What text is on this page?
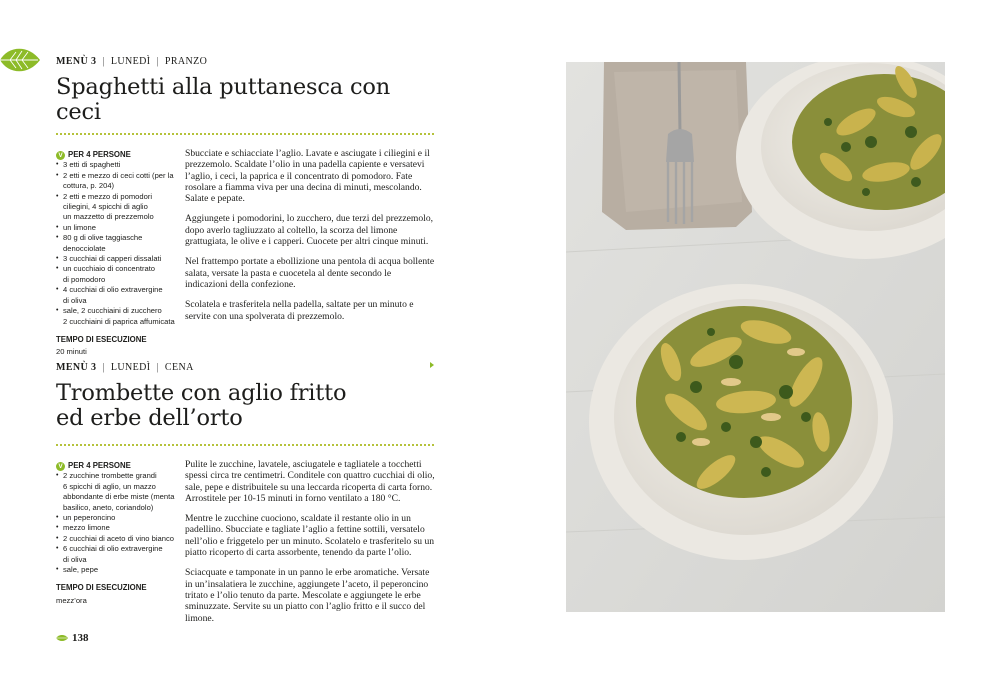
MENÙ 3 | LUNEDÌ | PRANZO
Spaghetti alla puttanesca con ceci
V PER 4 PERSONE
• 3 etti di spaghetti
• 2 etti e mezzo di ceci cotti (per la
cottura, p. 204)
• 2 etti e mezzo di pomodori
ciliegini, 4 spicchi di aglio
un mazzetto di prezzemolo
• un limone
• 80 g di olive taggiasche
denocciolate
• 3 cucchiai di capperi dissalati
• un cucchiaio di concentrato
di pomodoro
• 4 cucchiai di olio extravergine
di oliva
• sale, 2 cucchiaini di zucchero
2 cucchiaini di paprica affumicata
TEMPO DI ESECUZIONE
20 minuti

Sbucciate e schiacciate l’aglio. Lavate e asciugate i ciliegini e il prezzemolo. Scaldate l’olio in una padella capiente e versatevi l’aglio, i ceci, la paprica e il concentrato di pomodoro. Fate rosolare a fiamma viva per una decina di minuti, mescolando. Salate e pepate.

Aggiungete i pomodorini, lo zucchero, due terzi del prezzemolo, dopo averlo tagliuzzato al coltello, la scorza del limone grattugiata, le olive e i capperi. Cuocete per altri cinque minuti.

Nel frattempo portate a ebollizione una pentola di acqua bollente salata, versate la pasta e cuocetela al dente secondo le indicazioni della confezione.

Scolatela e trasferitela nella padella, saltate per un minuto e servite con una spolverata di prezzemolo.

MENÙ 3 | LUNEDÌ | CENA
Trombette con aglio fritto
ed erbe dell’orto
V PER 4 PERSONE
• 2 zucchine trombette grandi
6 spicchi di aglio, un mazzo
abbondante di erbe miste (menta
basilico, aneto, coriandolo)
• un peperoncino
• mezzo limone
• 2 cucchiai di aceto di vino bianco
• 6 cucchiai di olio extravergine
di oliva
• sale, pepe
TEMPO DI ESECUZIONE
mezz’ora

Pulite le zucchine, lavatele, asciugatele e tagliatele a tocchetti spessi circa tre centimetri. Conditele con quattro cucchiai di olio, sale, pepe e distribuitele su una leccarda ricoperta di carta forno. Arrostitele per 10-15 minuti in forno ventilato a 180 °C.

Mentre le zucchine cuociono, scaldate il restante olio in un padellino. Sbucciate e tagliate l’aglio a fettine sottili, versatelo nell’olio e friggetelo per un minuto. Scolatelo e trasferitelo su un piatto ricoperto di carta assorbente, tenendo da parte l’olio.

Sciacquate e tamponate in un panno le erbe aromatiche. Versate in un’insalatiera le zucchine, aggiungete l’aceto, il peperoncino tritato e l’olio tenuto da parte. Mescolate e aggiungete le erbe sminuzzate. Servite su un piatto con l’aglio fritto e il succo del limone.

138
